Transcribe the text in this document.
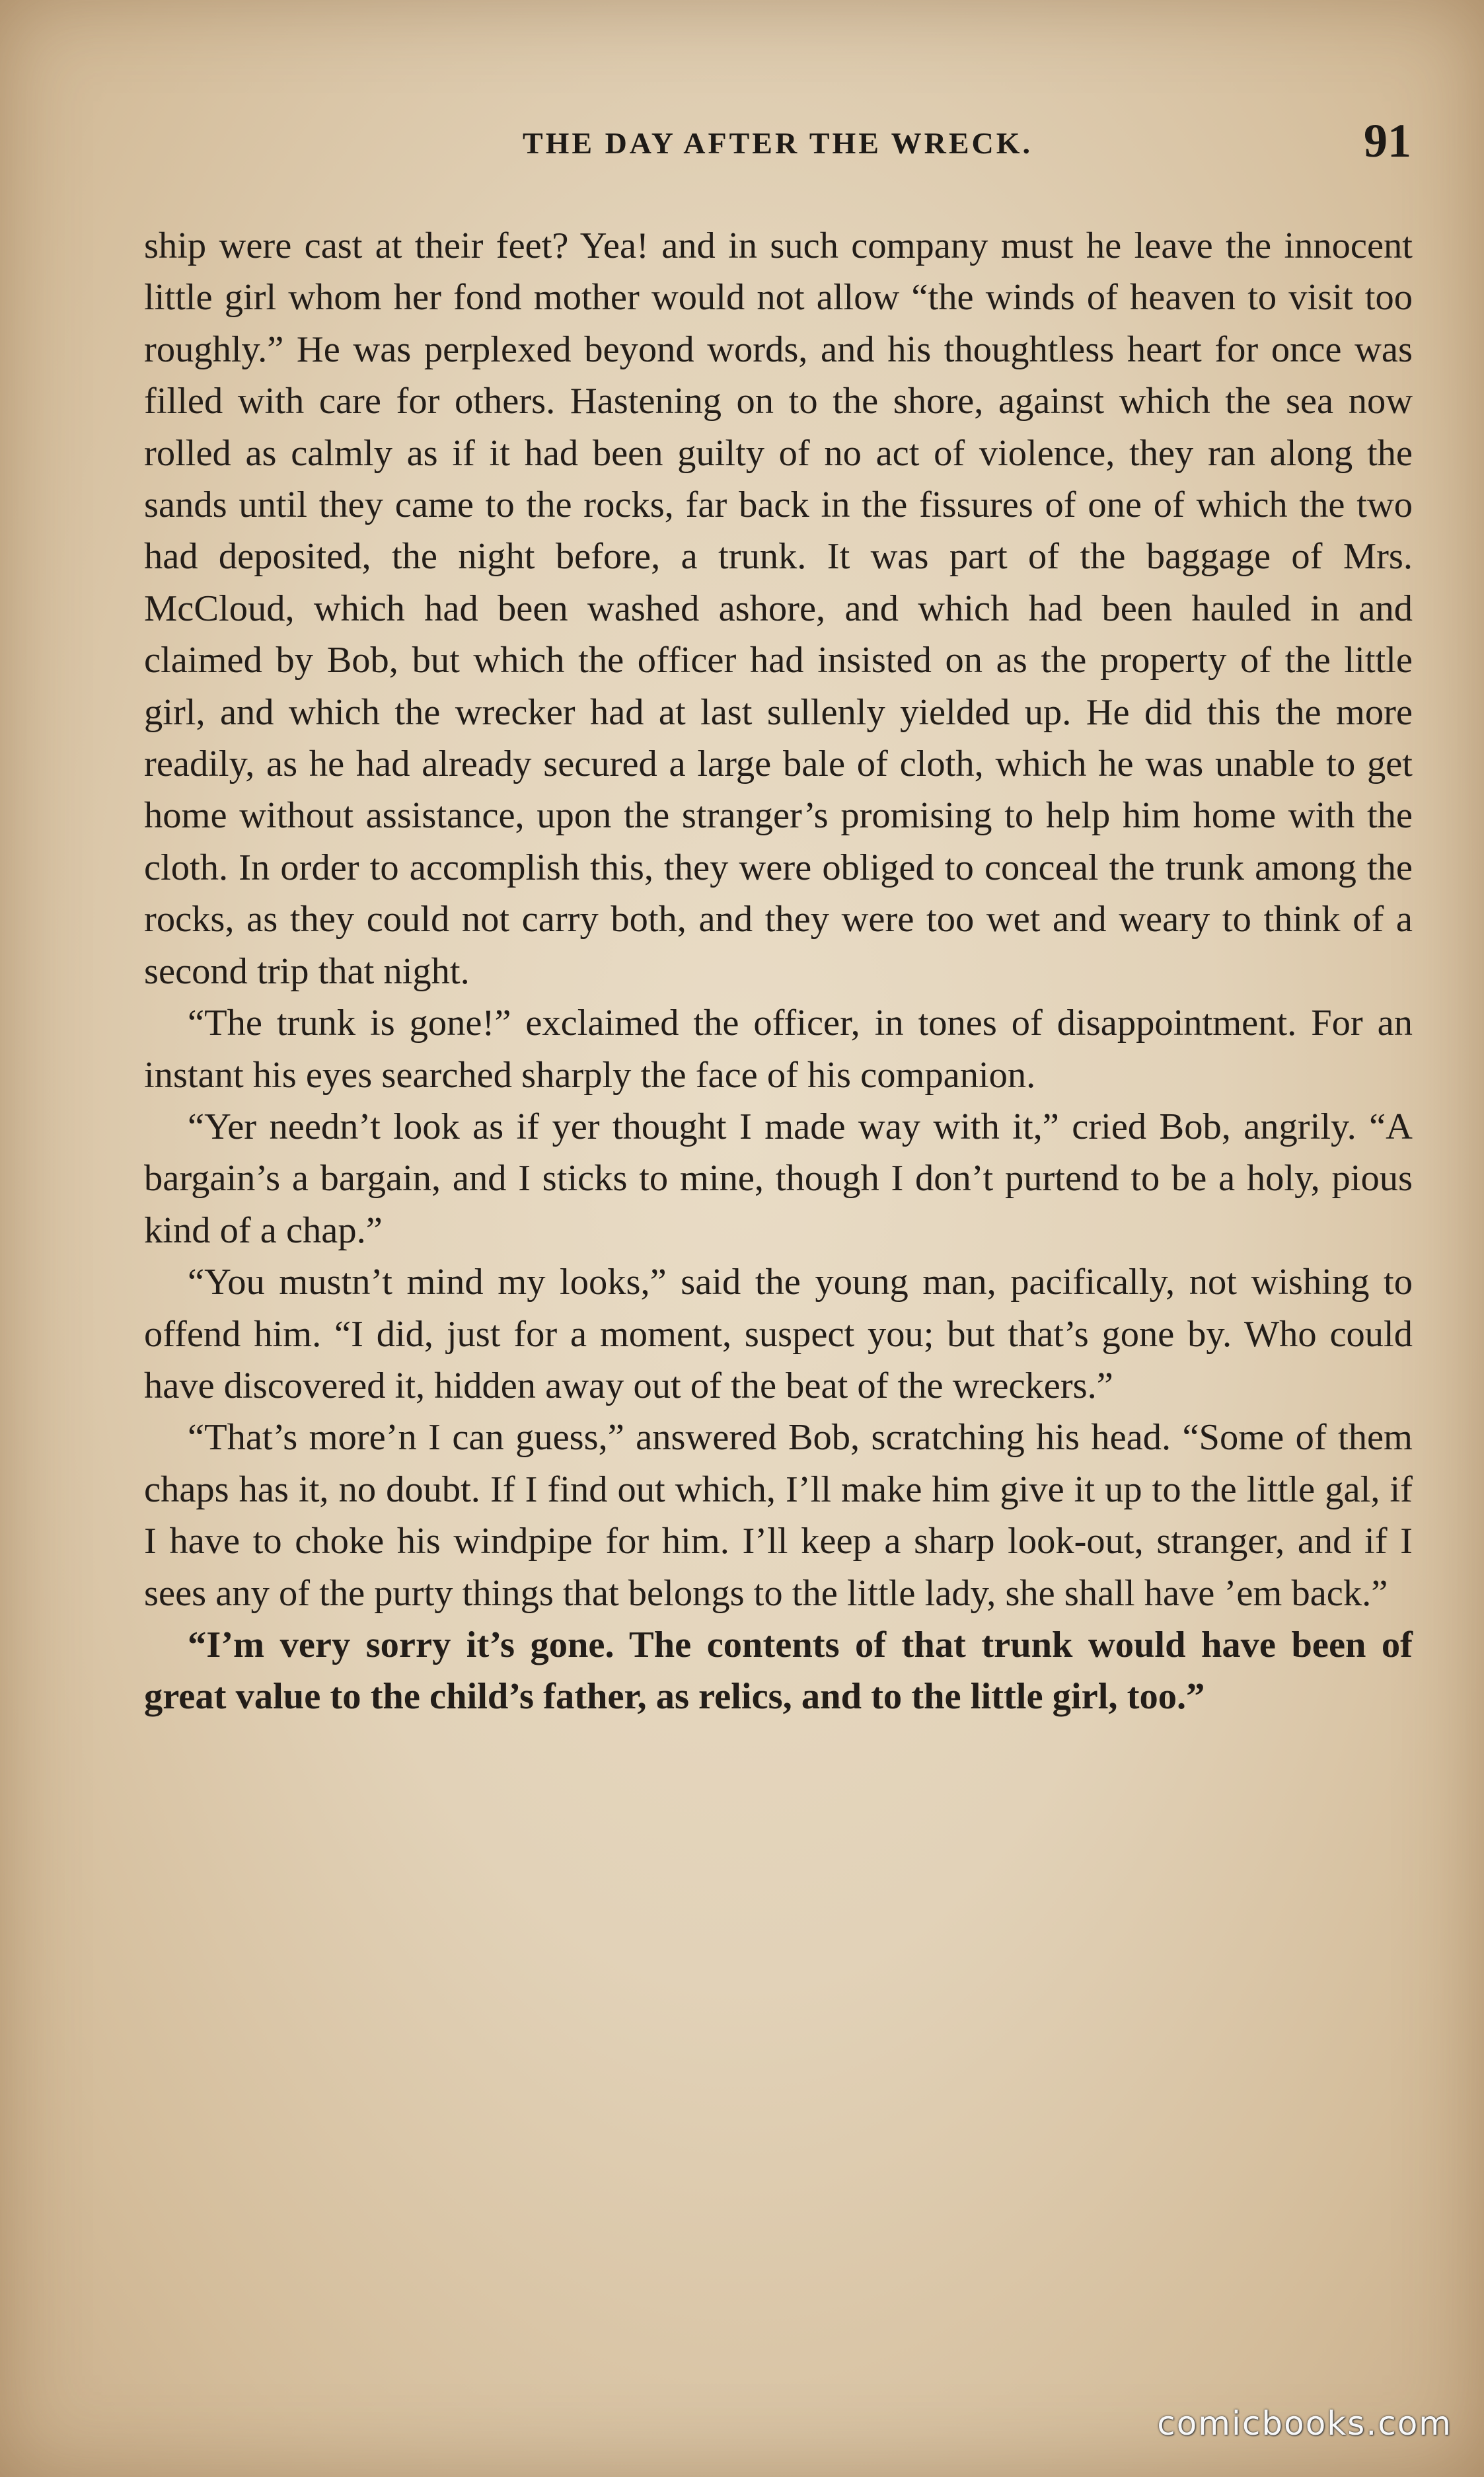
THE DAY AFTER THE WRECK.	91

ship were cast at their feet? Yea! and in such company must he leave the innocent little girl whom her fond mother would not allow “the winds of heaven to visit too roughly.” He was perplexed beyond words, and his thoughtless heart for once was filled with care for others. Hastening on to the shore, against which the sea now rolled as calmly as if it had been guilty of no act of violence, they ran along the sands until they came to the rocks, far back in the fissures of one of which the two had deposited, the night before, a trunk. It was part of the baggage of Mrs. McCloud, which had been washed ashore, and which had been hauled in and claimed by Bob, but which the officer had insisted on as the property of the little girl, and which the wrecker had at last sullenly yielded up. He did this the more readily, as he had already secured a large bale of cloth, which he was unable to get home without assistance, upon the stranger’s promising to help him home with the cloth. In order to accomplish this, they were obliged to conceal the trunk among the rocks, as they could not carry both, and they were too wet and weary to think of a second trip that night.

“The trunk is gone!” exclaimed the officer, in tones of disappointment. For an instant his eyes searched sharply the face of his companion.

“Yer needn’t look as if yer thought I made way with it,” cried Bob, angrily. “A bargain’s a bargain, and I sticks to mine, though I don’t purtend to be a holy, pious kind of a chap.”

“You mustn’t mind my looks,” said the young man, pacifically, not wishing to offend him. “I did, just for a moment, suspect you; but that’s gone by. Who could have discovered it, hidden away out of the beat of the wreckers.”

“That’s more’n I can guess,” answered Bob, scratching his head. “Some of them chaps has it, no doubt. If I find out which, I’ll make him give it up to the little gal, if I have to choke his windpipe for him. I’ll keep a sharp look-out, stranger, and if I sees any of the purty things that belongs to the little lady, she shall have ’em back.”

“I’m very sorry it’s gone. The contents of that trunk would have been of great value to the child’s father, as relics, and to the little girl, too.”

comicbooks.com
